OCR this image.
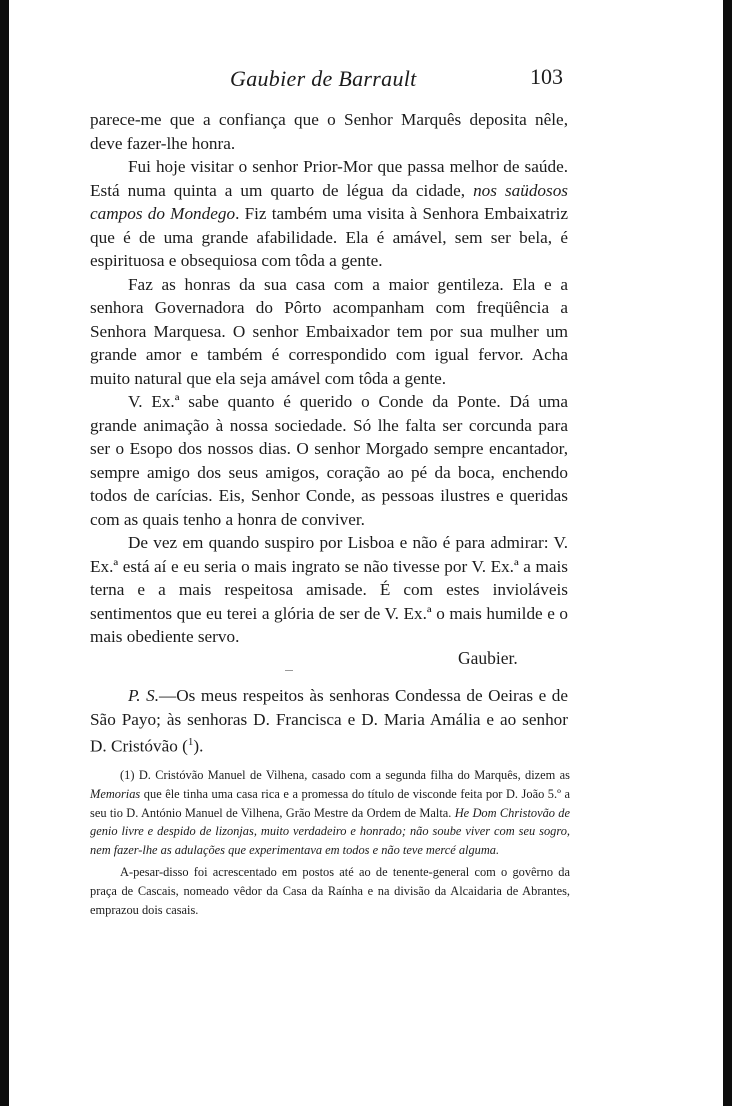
Gaubier de Barrault	103

parece-me que a confiança que o Senhor Marquês deposita nêle, deve fazer-lhe honra.

Fui hoje visitar o senhor Prior-Mor que passa melhor de saúde. Está numa quinta a um quarto de légua da cidade, nos saüdosos campos do Mondego. Fiz também uma visita à Senhora Embaixatriz que é de uma grande afabilidade. Ela é amável, sem ser bela, é espirituosa e obsequiosa com tôda a gente.

Faz as honras da sua casa com a maior gentileza. Ela e a senhora Governadora do Pôrto acompanham com freqüência a Senhora Marquesa. O senhor Embaixador tem por sua mulher um grande amor e também é correspondido com igual fervor. Acha muito natural que ela seja amável com tôda a gente.

V. Ex.ª sabe quanto é querido o Conde da Ponte. Dá uma grande animação à nossa sociedade. Só lhe falta ser corcunda para ser o Esopo dos nossos dias. O senhor Morgado sempre encantador, sempre amigo dos seus amigos, coração ao pé da boca, enchendo todos de carícias. Eis, Senhor Conde, as pessoas ilustres e queridas com as quais tenho a honra de conviver.

De vez em quando suspiro por Lisboa e não é para admirar: V. Ex.ª está aí e eu seria o mais ingrato se não tivesse por V. Ex.ª a mais terna e a mais respeitosa amisade. É com estes invioláveis sentimentos que eu terei a glória de ser de V. Ex.ª o mais humilde e o mais obediente servo.

Gaubier.

P. S.—Os meus respeitos às senhoras Condessa de Oeiras e de São Payo; às senhoras D. Francisca e D. Maria Amália e ao senhor D. Cristóvão ($^1$).

(1) D. Cristóvão Manuel de Vilhena, casado com a segunda filha do Marquês, dizem as Memorias que êle tinha uma casa rica e a promessa do título de visconde feita por D. João 5.º a seu tio D. António Manuel de Vilhena, Grão Mestre da Ordem de Malta. He Dom Christovão de genio livre e despido de lizonjas, muito verdadeiro e honrado; não soube viver com seu sogro, nem fazer-lhe as adulações que experimentava em todos e não teve mercé alguma.

A-pesar-disso foi acrescentado em postos até ao de tenente-general com o govêrno da praça de Cascais, nomeado vêdor da Casa da Raínha e na divisão da Alcaidaria de Abrantes, emprazou dois casais.
